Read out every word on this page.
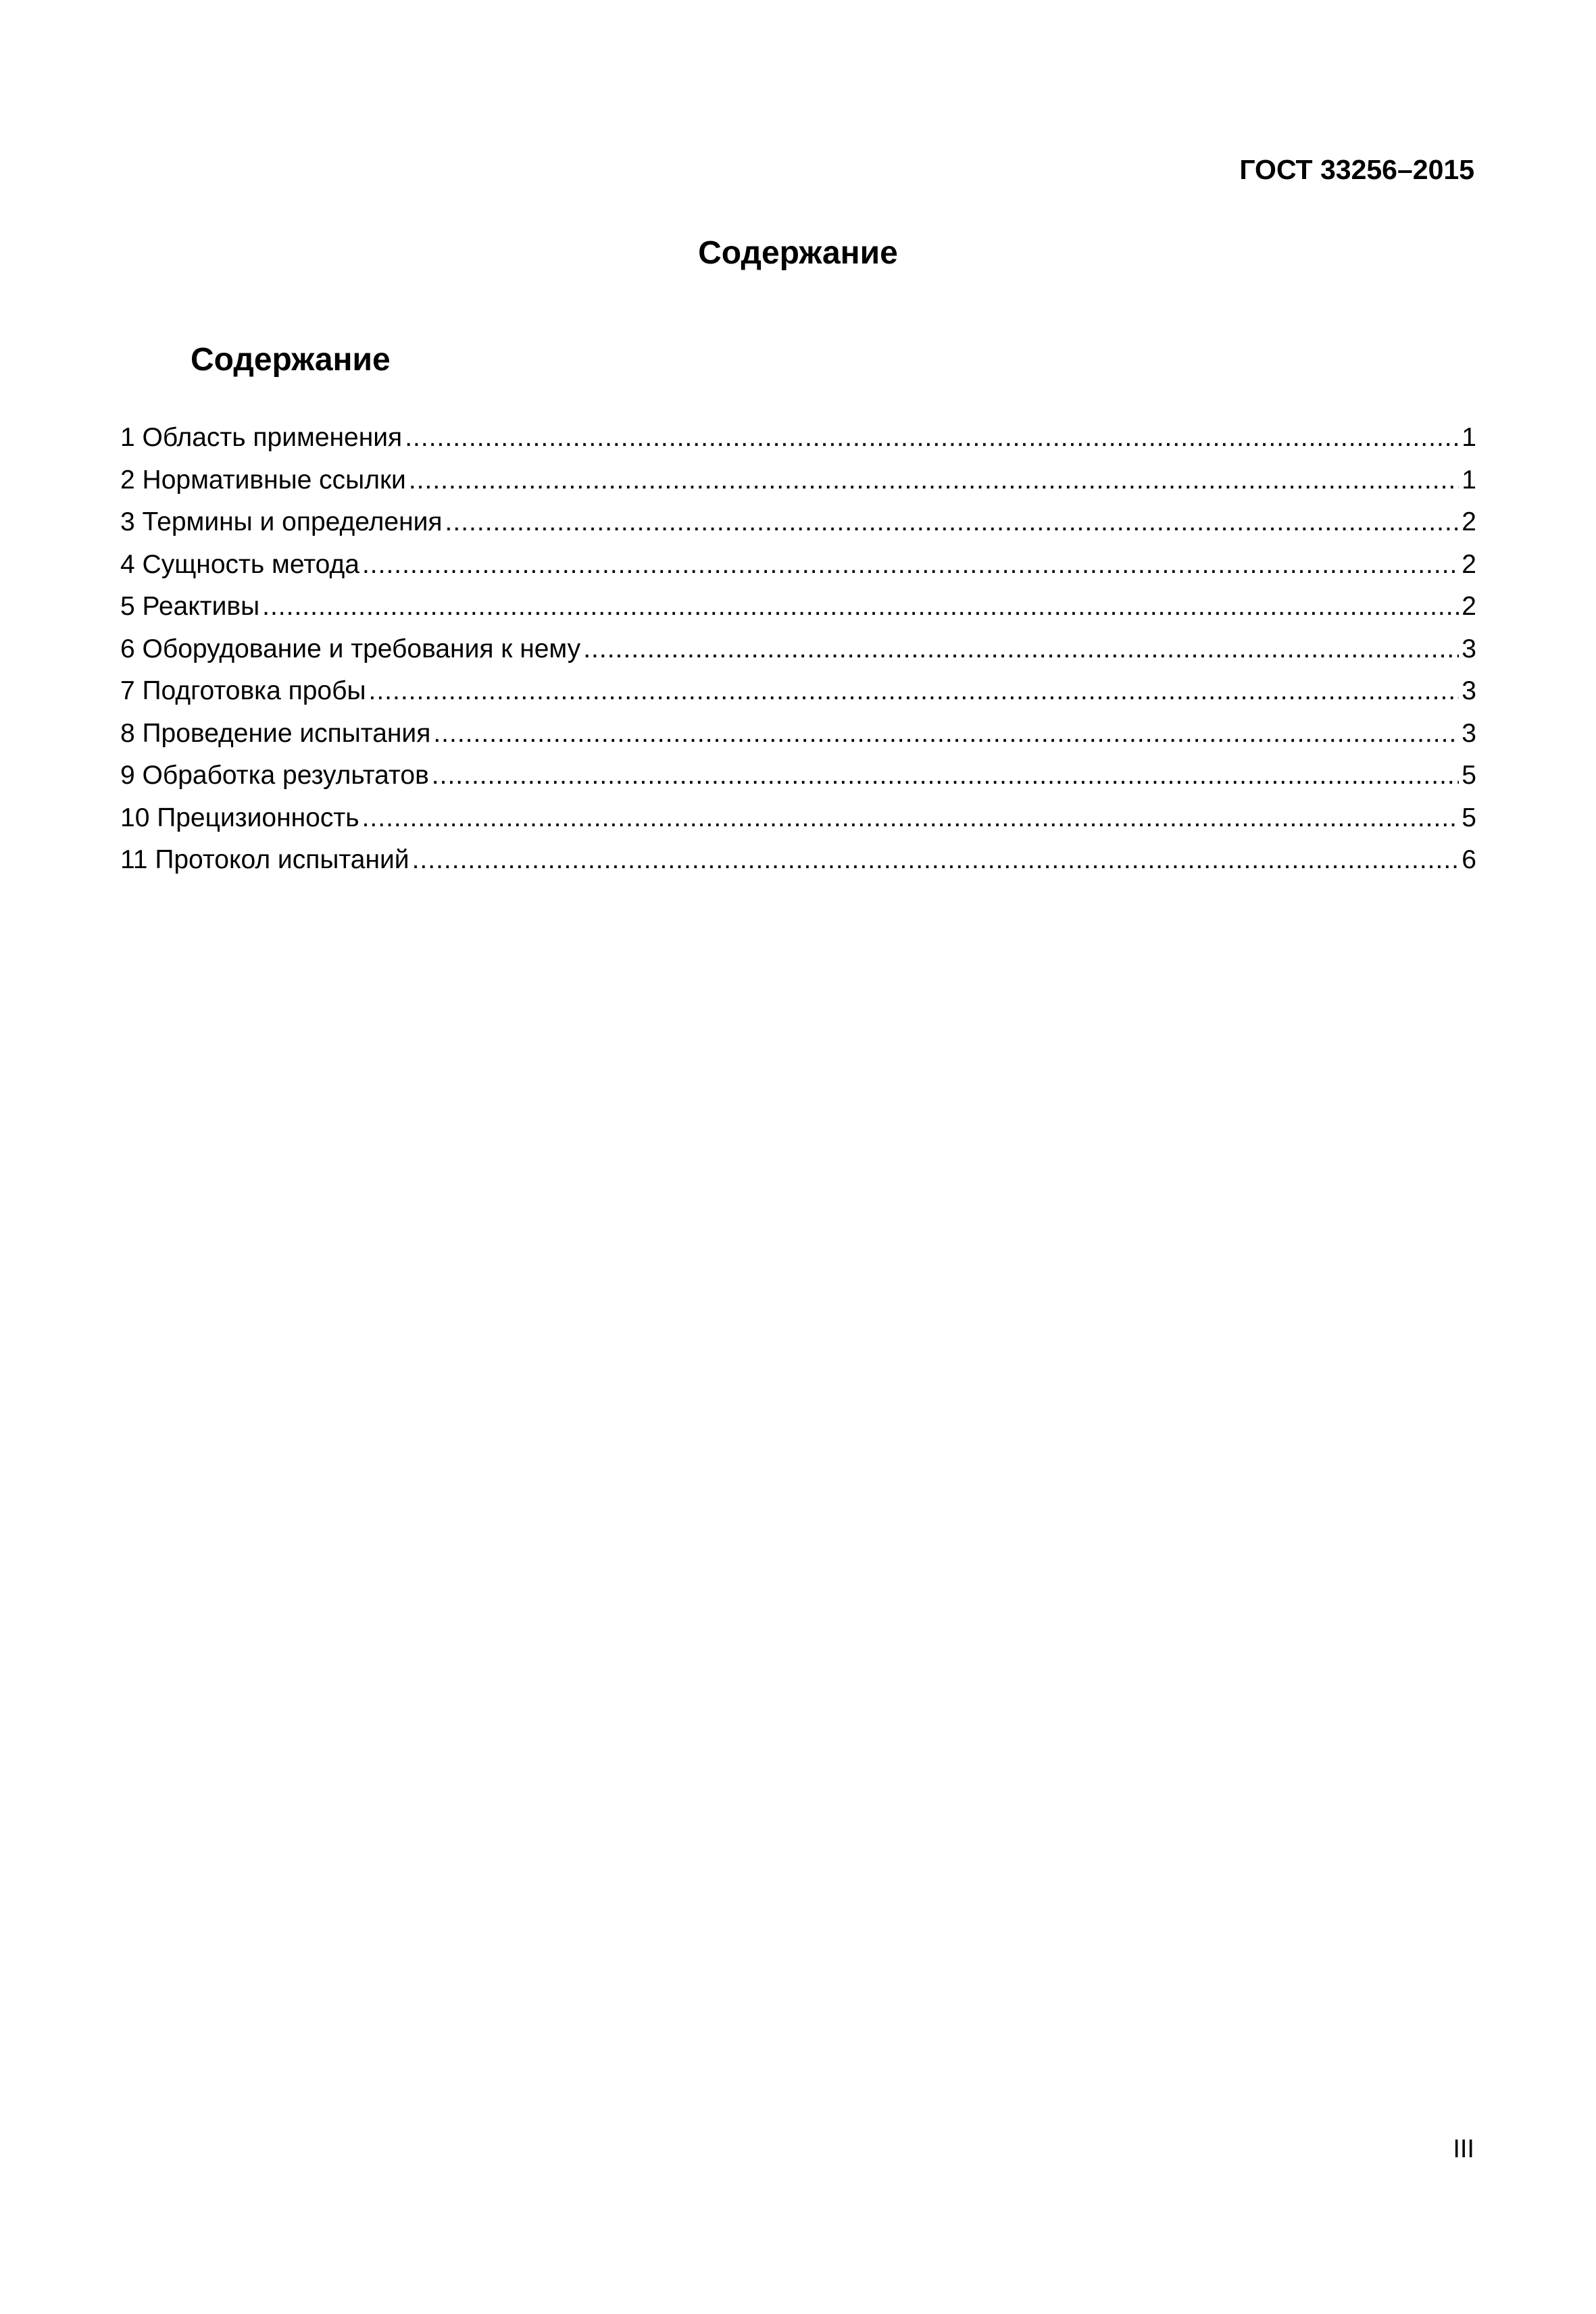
ГОСТ 33256–2015
Содержание
Содержание
1 Область применения .....	1
2 Нормативные ссылки .....	1
3 Термины и определения .....	2
4 Сущность метода .....	2
5 Реактивы .....	2
6 Оборудование и требования к нему .....	3
7 Подготовка пробы .....	3
8 Проведение испытания .....	3
9 Обработка результатов .....	5
10 Прецизионность .....	5
11 Протокол испытаний .....	6
III
